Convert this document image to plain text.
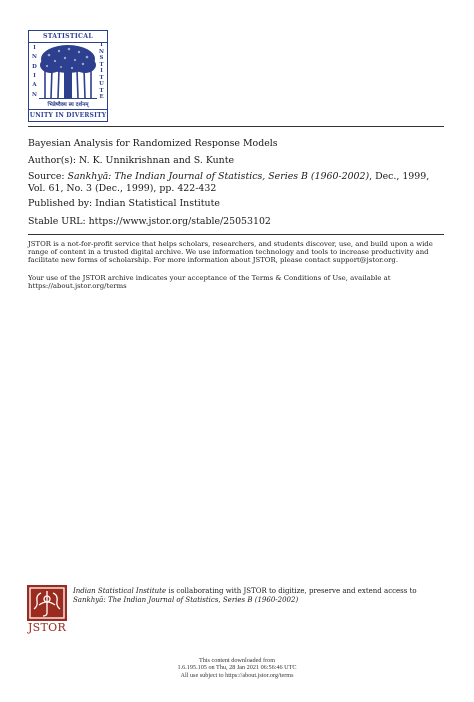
STATISTICAL
I
N
D
I
A
N
I
N
S
T
I
T
U
T
E
भिन्नेष्वैक्य स्य दर्शनम्
UNITY IN DIVERSITY
Bayesian Analysis for Randomized Response Models
Author(s): N. K. Unnikrishnan and S. Kunte
Source: Sankhyā: The Indian Journal of Statistics, Series B (1960-2002), Dec., 1999, Vol. 61, No. 3 (Dec., 1999), pp. 422-432
Published by: Indian Statistical Institute
Stable URL: https://www.jstor.org/stable/25053102
JSTOR is a not-for-profit service that helps scholars, researchers, and students discover, use, and build upon a wide range of content in a trusted digital archive. We use information technology and tools to increase productivity and facilitate new forms of scholarship. For more information about JSTOR, please contact support@jstor.org.
Your use of the JSTOR archive indicates your acceptance of the Terms & Conditions of Use, available at https://about.jstor.org/terms
JSTOR
Indian Statistical Institute is collaborating with JSTOR to digitize, preserve and extend access to Sankhyā: The Indian Journal of Statistics, Series B (1960-2002)
This content downloaded from
1.6.195.105 on Thu, 28 Jan 2021 06:56:46 UTC
All use subject to https://about.jstor.org/terms
